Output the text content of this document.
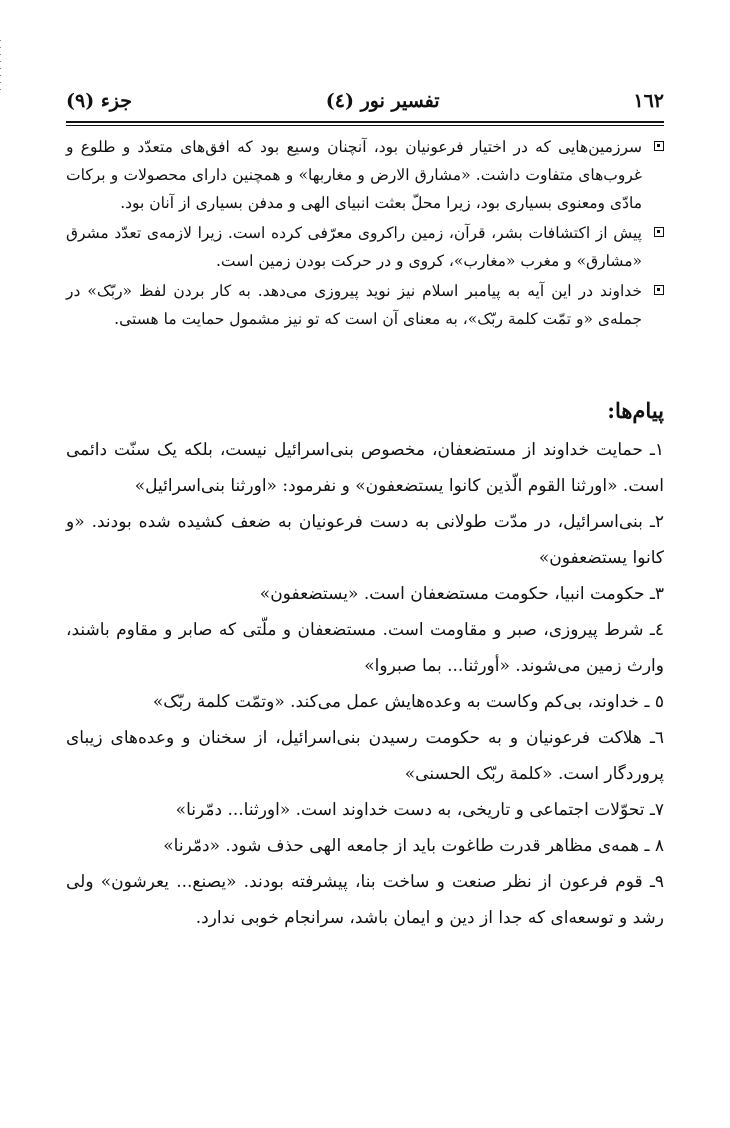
١٦٢
تفسیر نور (٤)
جزء (٩)

سرزمین‌هایی که در اختیار فرعونیان بود، آنچنان وسیع بود که افق‌های متعدّد و طلوع و غروب‌های متفاوت داشت. «مشارق الارض و مغاربها» و همچنین دارای محصولات و برکات مادّی ومعنوی بسیاری بود، زیرا محلّ بعثت انبیای الهی و مدفن بسیاری از آنان بود.

پیش از اکتشافات بشر، قرآن، زمین راکروی معرّفی کرده است. زیرا لازمه‌ی تعدّد مشرق «مشارق» و مغرب «مغارب»، کروی و در حرکت بودن زمین است.

خداوند در این آیه به پیامبر اسلام نیز نوید پیروزی می‌دهد. به کار بردن لفظ «ربّک» در جمله‌ی «و تمّت کلمة ربّک»، به معنای آن است که تو نیز مشمول حمایت ما هستی.

پیام‌ها:

۱ـ حمایت خداوند از مستضعفان، مخصوص بنی‌اسرائیل نیست، بلکه یک سنّت دائمی است. «اورثنا القوم الّذین کانوا یستضعفون» و نفرمود: «اورثنا بنی‌اسرائیل»

۲ـ بنی‌اسرائیل، در مدّت طولانی به دست فرعونیان به ضعف کشیده شده بودند. «و کانوا یستضعفون»

۳ـ حکومت انبیا، حکومت مستضعفان است. «یستضعفون»

٤ـ شرط پیروزی، صبر و مقاومت است. مستضعفان و ملّتی که صابر و مقاوم باشند، وارث زمین می‌شوند. «أورثنا... بما صبروا»

٥ ـ خداوند، بی‌کم وکاست به وعده‌هایش عمل می‌کند. «وتمّت کلمة ربّک»

٦ـ هلاکت فرعونیان و به حکومت رسیدن بنی‌اسرائیل، از سخنان و وعده‌های زیبای پروردگار است. «کلمة ربّک الحسنی»

۷ـ تحوّلات اجتماعی و تاریخی، به دست خداوند است. «اورثنا... دمّرنا»

۸ ـ همه‌ی مظاهر قدرت طاغوت باید از جامعه الهی حذف شود. «دمّرنا»

۹ـ قوم فرعون از نظر صنعت و ساخت بنا، پیشرفته بودند. «یصنع... یعرشون» ولی رشد و توسعه‌ای که جدا از دین و ایمان باشد، سرانجام خوبی ندارد.
